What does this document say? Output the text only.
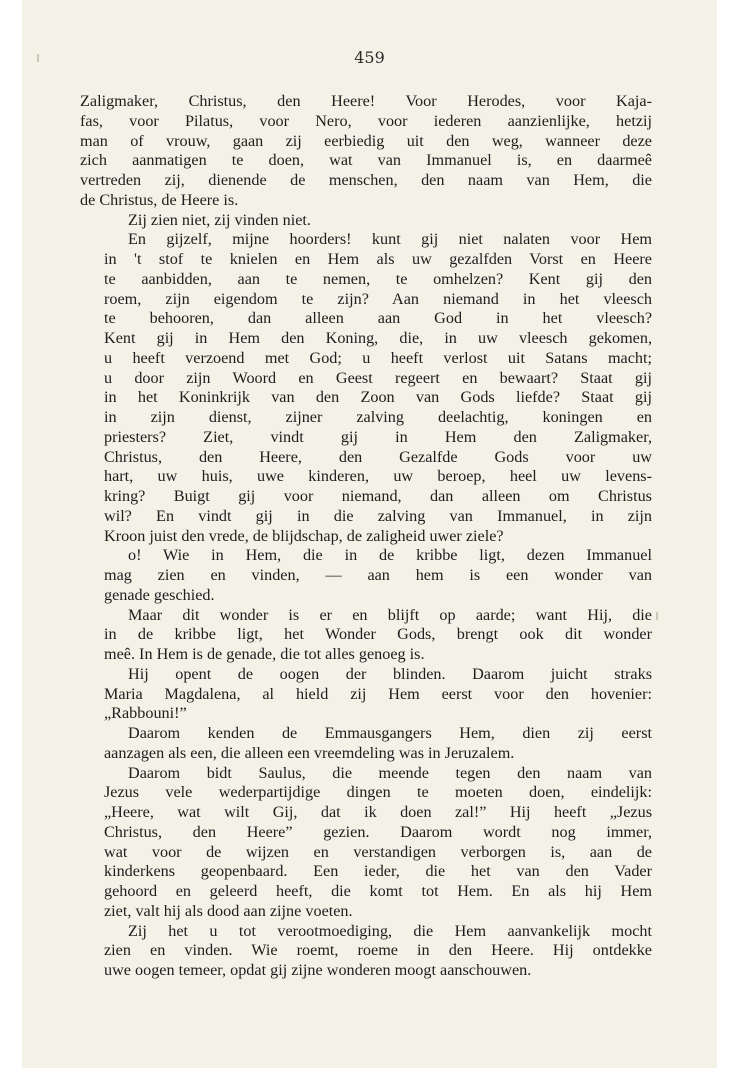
459

Zaligmaker, Christus, den Heere! Voor Herodes, voor Kaja-
fas, voor Pilatus, voor Nero, voor iederen aanzienlijke, hetzij
man of vrouw, gaan zij eerbiedig uit den weg, wanneer deze
zich aanmatigen te doen, wat van Immanuel is, en daarmeê
vertreden zij, dienende de menschen, den naam van Hem, die
de Christus, de Heere is.

Zij zien niet, zij vinden niet.

En gijzelf, mijne hoorders! kunt gij niet nalaten voor Hem
in 't stof te knielen en Hem als uw gezalfden Vorst en Heere
te aanbidden, aan te nemen, te omhelzen? Kent gij den
roem, zijn eigendom te zijn? Aan niemand in het vleesch
te behooren, dan alleen aan God in het vleesch?
Kent gij in Hem den Koning, die, in uw vleesch gekomen,
u heeft verzoend met God; u heeft verlost uit Satans macht;
u door zijn Woord en Geest regeert en bewaart? Staat gij
in het Koninkrijk van den Zoon van Gods liefde? Staat gij
in zijn dienst, zijner zalving deelachtig, koningen en
priesters? Ziet, vindt gij in Hem den Zaligmaker,
Christus, den Heere, den Gezalfde Gods voor uw
hart, uw huis, uwe kinderen, uw beroep, heel uw levens-
kring? Buigt gij voor niemand, dan alleen om Christus
wil? En vindt gij in die zalving van Immanuel, in zijn
Kroon juist den vrede, de blijdschap, de zaligheid uwer ziele?

o! Wie in Hem, die in de kribbe ligt, dezen Immanuel
mag zien en vinden, — aan hem is een wonder van
genade geschied.

Maar dit wonder is er en blijft op aarde; want Hij, die
in de kribbe ligt, het Wonder Gods, brengt ook dit wonder
meê. In Hem is de genade, die tot alles genoeg is.

Hij opent de oogen der blinden. Daarom juicht straks
Maria Magdalena, al hield zij Hem eerst voor den hovenier:
„Rabbouni!”

Daarom kenden de Emmausgangers Hem, dien zij eerst
aanzagen als een, die alleen een vreemdeling was in Jeruzalem.

Daarom bidt Saulus, die meende tegen den naam van
Jezus vele wederpartijdige dingen te moeten doen, eindelijk:
„Heere, wat wilt Gij, dat ik doen zal!” Hij heeft „Jezus
Christus, den Heere” gezien. Daarom wordt nog immer,
wat voor de wijzen en verstandigen verborgen is, aan de
kinderkens geopenbaard. Een ieder, die het van den Vader
gehoord en geleerd heeft, die komt tot Hem. En als hij Hem
ziet, valt hij als dood aan zijne voeten.

Zij het u tot verootmoediging, die Hem aanvankelijk mocht
zien en vinden. Wie roemt, roeme in den Heere. Hij ontdekke
uwe oogen temeer, opdat gij zijne wonderen moogt aanschouwen.
